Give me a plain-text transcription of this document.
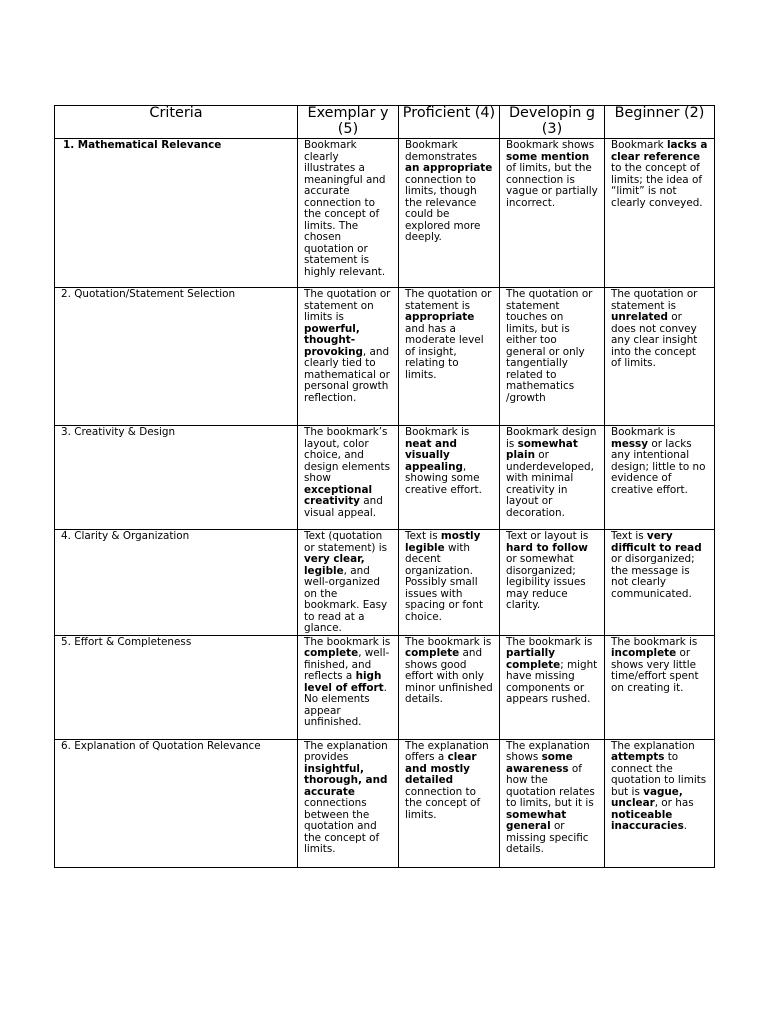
Criteria	Exemplar y (5)	Proficient (4)	Developin g (3)	Beginner (2)
1. Mathematical Relevance	Bookmark clearly illustrates a meaningful and accurate connection to the concept of limits. The chosen quotation or statement is highly relevant.	Bookmark demonstrates an appropriate connection to limits, though the relevance could be explored more deeply.	Bookmark shows some mention of limits, but the connection is vague or partially incorrect.	Bookmark lacks a clear reference to the concept of limits; the idea of “limit” is not clearly conveyed.
2. Quotation/Statement Selection	The quotation or statement on limits is powerful, thought-provoking, and clearly tied to mathematical or personal growth reflection.	The quotation or statement is appropriate and has a moderate level of insight, relating to limits.	The quotation or statement touches on limits, but is either too general or only tangentially related to mathematics /growth	The quotation or statement is unrelated or does not convey any clear insight into the concept of limits.
3. Creativity & Design	The bookmark’s layout, color choice, and design elements show exceptional creativity and visual appeal.	Bookmark is neat and visually appealing, showing some creative effort.	Bookmark design is somewhat plain or underdeveloped, with minimal creativity in layout or decoration.	Bookmark is messy or lacks any intentional design; little to no evidence of creative effort.
4. Clarity & Organization	Text (quotation or statement) is very clear, legible, and well-organized on the bookmark. Easy to read at a glance.	Text is mostly legible with decent organization. Possibly small issues with spacing or font choice.	Text or layout is hard to follow or somewhat disorganized; legibility issues may reduce clarity.	Text is very difficult to read or disorganized; the message is not clearly communicated.
5. Effort & Completeness	The bookmark is complete, well-finished, and reflects a high level of effort. No elements appear unfinished.	The bookmark is complete and shows good effort with only minor unfinished details.	The bookmark is partially complete; might have missing components or appears rushed.	The bookmark is incomplete or shows very little time/effort spent on creating it.
6. Explanation of Quotation Relevance	The explanation provides insightful, thorough, and accurate connections between the quotation and the concept of limits.	The explanation offers a clear and mostly detailed connection to the concept of limits.	The explanation shows some awareness of how the quotation relates to limits, but it is somewhat general or missing specific details.	The explanation attempts to connect the quotation to limits but is vague, unclear, or has noticeable inaccuracies.
